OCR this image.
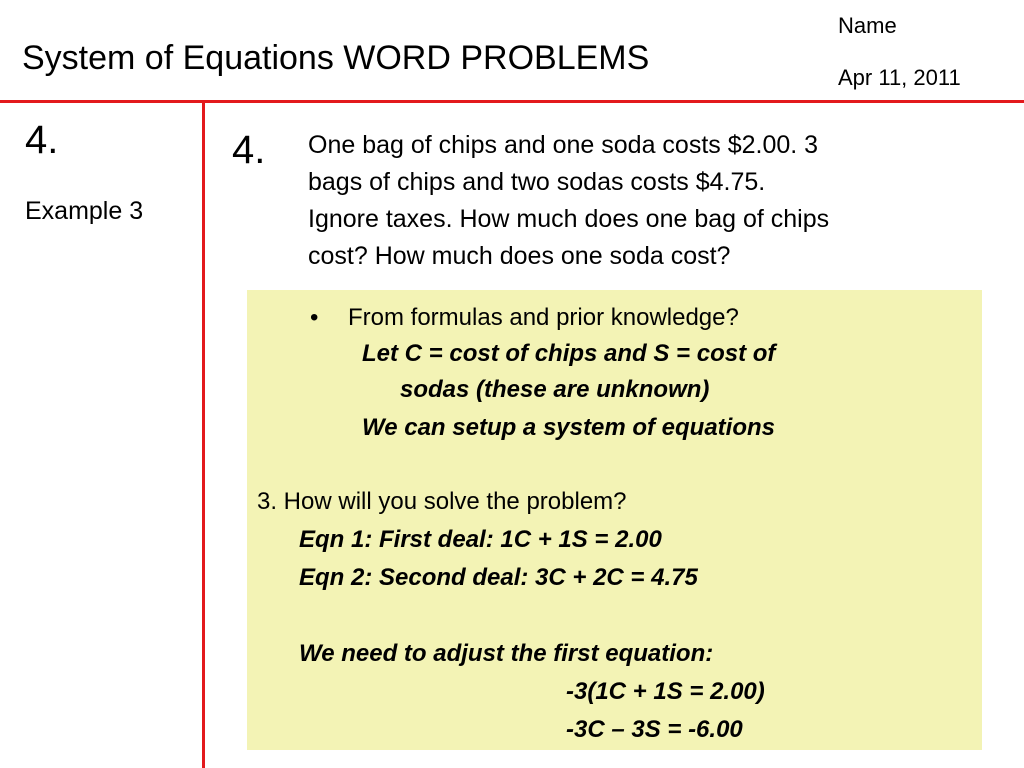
System of Equations WORD PROBLEMS
Name
Apr 11, 2011
4.
Example 3
4. One bag of chips and one soda costs $2.00. 3
bags of chips and two sodas costs $4.75.
Ignore taxes. How much does one bag of chips
cost? How much does one soda cost?
• From formulas and prior knowledge?
Let C = cost of chips and S = cost of
sodas (these are unknown)
We can setup a system of equations
3. How will you solve the problem?
Eqn 1: First deal: 1C + 1S = 2.00
Eqn 2: Second deal: 3C + 2C = 4.75
We need to adjust the first equation:
-3(1C + 1S = 2.00)
-3C – 3S = -6.00
